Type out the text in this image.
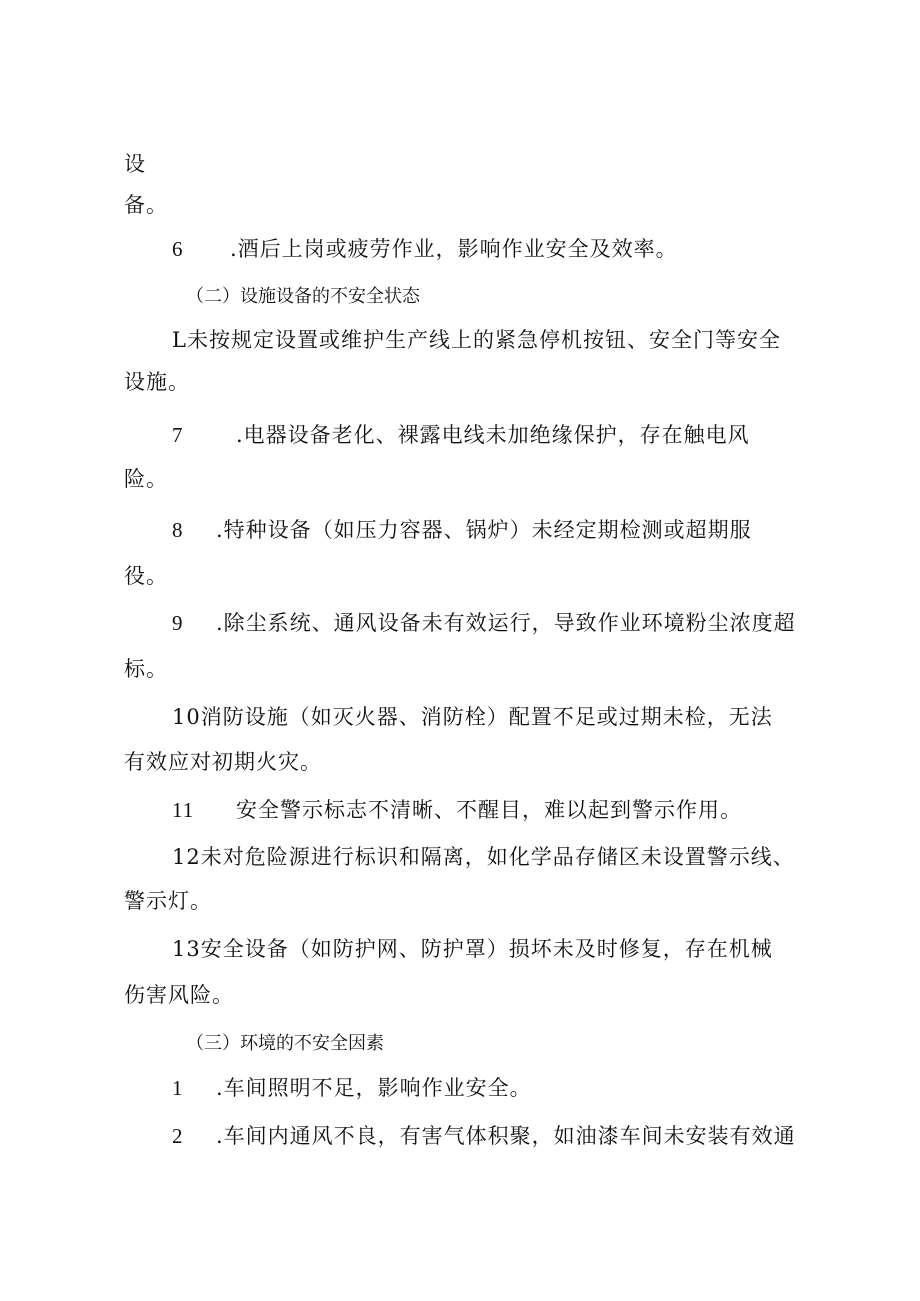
设
备。
6 .酒后上岗或疲劳作业，影响作业安全及效率。
（二）设施设备的不安全状态
L未按规定设置或维护生产线上的紧急停机按钮、安全门等安全
设施。
7	.电器设备老化、裸露电线未加绝缘保护，存在触电风
险。
8 .特种设备（如压力容器、锅炉）未经定期检测或超期服
役。
9 .除尘系统、通风设备未有效运行，导致作业环境粉尘浓度超
标。
10消防设施（如灭火器、消防栓）配置不足或过期未检，无法
有效应对初期火灾。
11 安全警示标志不清晰、不醒目，难以起到警示作用。
12未对危险源进行标识和隔离，如化学品存储区未设置警示线、
警示灯。
13安全设备（如防护网、防护罩）损坏未及时修复，存在机械
伤害风险。
（三）环境的不安全因素
1 .车间照明不足，影响作业安全。
2 .车间内通风不良，有害气体积聚，如油漆车间未安装有效通
